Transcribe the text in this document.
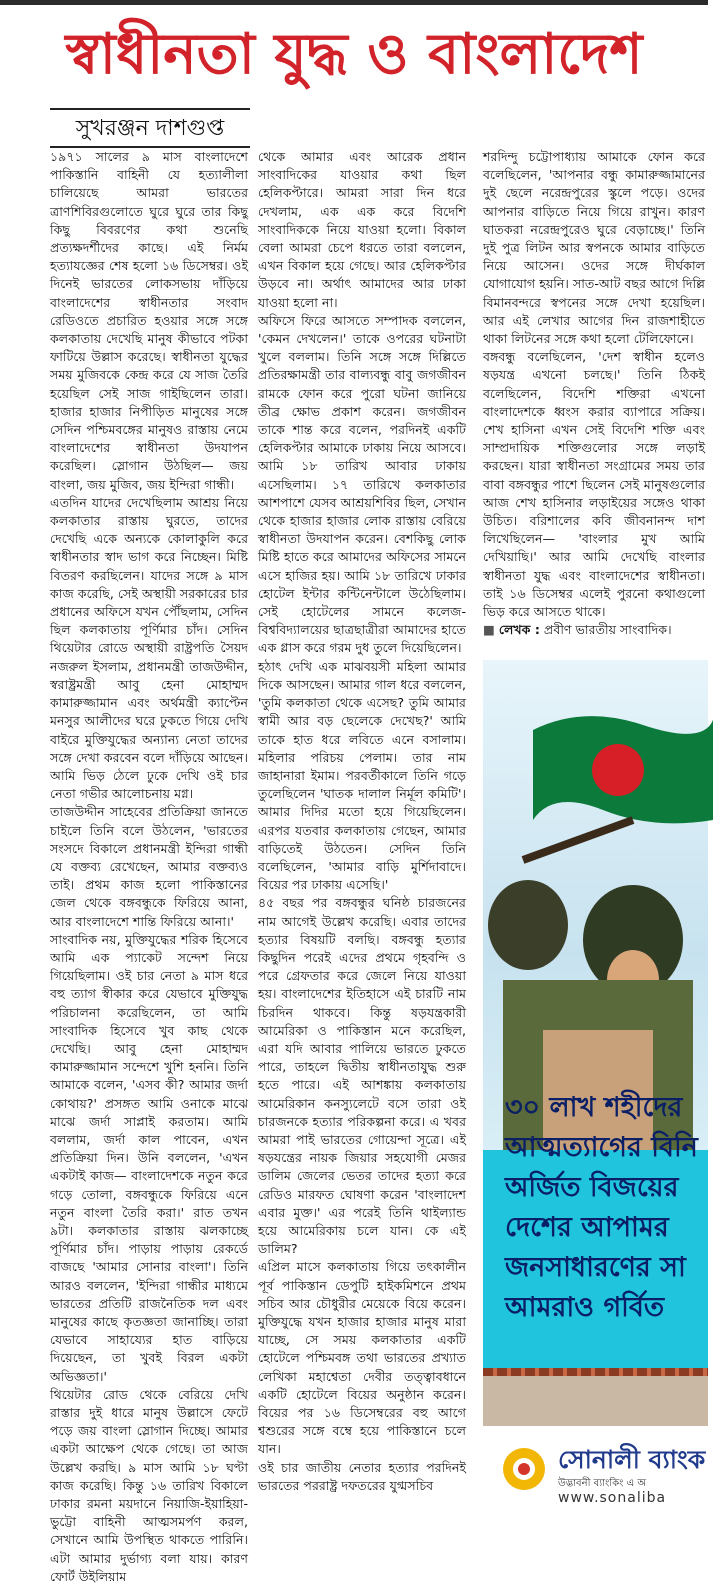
স্বাধীনতা যুদ্ধ ও বাংলাদেশ
সুখরঞ্জন দাশগুপ্ত

১৯৭১ সালের ৯ মাস বাংলাদেশে পাকিস্তানি বাহিনী যে হত্যালীলা চালিয়েছে আমরা ভারতের ত্রাণশিবিরগুলোতে ঘুরে ঘুরে তার কিছু কিছু বিবরণের কথা শুনেছি প্রত্যক্ষদর্শীদের কাছে। এই নির্মম হত্যাযজ্ঞের শেষ হলো ১৬ ডিসেম্বর। ওই দিনেই ভারতের লোকসভায় দাঁড়িয়ে বাংলাদেশের স্বাধীনতার সংবাদ রেডিওতে প্রচারিত হওয়ার সঙ্গে সঙ্গে কলকাতায় দেখেছি মানুষ কীভাবে পটকা ফাটিয়ে উল্লাস করেছে। স্বাধীনতা যুদ্ধের সময় মুজিবকে কেন্দ্র করে যে সাজ তৈরি হয়েছিল সেই সাজ গাইছিলেন তারা। হাজার হাজার নিপীড়িত মানুষের সঙ্গে সেদিন পশ্চিমবঙ্গের মানুষও রাস্তায় নেমে বাংলাদেশের স্বাধীনতা উদযাপন করেছিল। স্লোগান উঠছিল— জয় বাংলা, জয় মুজিব, জয় ইন্দিরা গান্ধী।

এতদিন যাদের দেখেছিলাম আশ্রয় নিয়ে কলকাতার রাস্তায় ঘুরতে, তাদের দেখেছি একে অন্যকে কোলাকুলি করে স্বাধীনতার স্বাদ ভাগ করে নিচ্ছেন। মিষ্টি বিতরণ করছিলেন। যাদের সঙ্গে ৯ মাস কাজ করেছি, সেই অস্থায়ী সরকারের চার প্রধানের অফিসে যখন পৌঁছলাম, সেদিন ছিল কলকাতায় পূর্ণিমার চাঁদ। সেদিন থিয়েটার রোডে অস্থায়ী রাষ্ট্রপতি সৈয়দ নজরুল ইসলাম, প্রধানমন্ত্রী তাজউদ্দীন, স্বরাষ্ট্রমন্ত্রী আবু হেনা মোহাম্মদ কামারুজ্জামান এবং অর্থমন্ত্রী ক্যাপ্টেন মনসুর আলীদের ঘরে ঢুকতে গিয়ে দেখি বাইরে মুক্তিযুদ্ধের অন্যান্য নেতা তাদের সঙ্গে দেখা করবেন বলে দাঁড়িয়ে আছেন। আমি ভিড় ঠেলে ঢুকে দেখি ওই চার নেতা গভীর আলোচনায় মগ্ন।

তাজউদ্দীন সাহেবের প্রতিক্রিয়া জানতে চাইলে তিনি বলে উঠলেন, 'ভারতের সংসদে বিকালে প্রধানমন্ত্রী ইন্দিরা গান্ধী যে বক্তব্য রেখেছেন, আমার বক্তব্যও তাই। প্রথম কাজ হলো পাকিস্তানের জেল থেকে বঙ্গবন্ধুকে ফিরিয়ে আনা, আর বাংলাদেশে শান্তি ফিরিয়ে আনা।'

সাংবাদিক নয়, মুক্তিযুদ্ধের শরিক হিসেবে আমি এক প্যাকেট সন্দেশ নিয়ে গিয়েছিলাম। ওই চার নেতা ৯ মাস ধরে বহু ত্যাগ স্বীকার করে যেভাবে মুক্তিযুদ্ধ পরিচালনা করেছিলেন, তা আমি সাংবাদিক হিসেবে খুব কাছ থেকে দেখেছি। আবু হেনা মোহাম্মদ কামারুজ্জামান সন্দেশে খুশি হননি। তিনি আমাকে বলেন, 'এসব কী? আমার জর্দা কোথায়?' প্রসঙ্গত আমি ওনাকে মাঝে মাঝে জর্দা সাপ্লাই করতাম। আমি বললাম, জর্দা কাল পাবেন, এখন প্রতিক্রিয়া দিন। উনি বললেন, 'এখন একটাই কাজ— বাংলাদেশকে নতুন করে গড়ে তোলা, বঙ্গবন্ধুকে ফিরিয়ে এনে নতুন বাংলা তৈরি করা।' রাত তখন ৯টা। কলকাতার রাস্তায় ঝলকাচ্ছে পূর্ণিমার চাঁদ। পাড়ায় পাড়ায় রেকর্ডে বাজছে 'আমার সোনার বাংলা'। তিনি আরও বললেন, 'ইন্দিরা গান্ধীর মাধ্যমে ভারতের প্রতিটি রাজনৈতিক দল এবং মানুষের কাছে কৃতজ্ঞতা জানাচ্ছি। তারা যেভাবে সাহায্যের হাত বাড়িয়ে দিয়েছেন, তা খুবই বিরল একটা অভিজ্ঞতা।'

থিয়েটার রোড থেকে বেরিয়ে দেখি রাস্তার দুই ধারে মানুষ উল্লাসে ফেটে পড়ে জয় বাংলা স্লোগান দিচ্ছে। আমার একটা আক্ষেপ থেকে গেছে। তা আজ উল্লেখ করছি। ৯ মাস আমি ১৮ ঘণ্টা কাজ করেছি। কিন্তু ১৬ তারিখ বিকালে ঢাকার রমনা ময়দানে নিয়াজি-ইয়াহিয়া-ভুট্টো বাহিনী আত্মসমর্পণ করল, সেখানে আমি উপস্থিত থাকতে পারিনি। এটা আমার দুর্ভাগ্য বলা যায়। কারণ ফোর্ট উইলিয়াম

থেকে আমার এবং আরেক প্রধান সাংবাদিকের যাওয়ার কথা ছিল হেলিকপ্টারে। আমরা সারা দিন ধরে দেখলাম, এক এক করে বিদেশি সাংবাদিককে নিয়ে যাওয়া হলো। বিকাল বেলা আমরা চেপে ধরতে তারা বললেন, এখন বিকাল হয়ে গেছে। আর হেলিকপ্টার উড়বে না। অর্থাৎ আমাদের আর ঢাকা যাওয়া হলো না।

অফিসে ফিরে আসতে সম্পাদক বললেন, 'কেমন দেখলেন।' তাকে ওপরের ঘটনাটা খুলে বললাম। তিনি সঙ্গে সঙ্গে দিল্লিতে প্রতিরক্ষামন্ত্রী তার বাল্যবন্ধু বাবু জগজীবন রামকে ফোন করে পুরো ঘটনা জানিয়ে তীব্র ক্ষোভ প্রকাশ করেন। জগজীবন তাকে শান্ত করে বলেন, পরদিনই একটি হেলিকপ্টার আমাকে ঢাকায় নিয়ে আসবে। আমি ১৮ তারিখ আবার ঢাকায় এসেছিলাম। ১৭ তারিখে কলকাতার আশপাশে যেসব আশ্রয়শিবির ছিল, সেখান থেকে হাজার হাজার লোক রাস্তায় বেরিয়ে স্বাধীনতা উদযাপন করেন। বেশকিছু লোক মিষ্টি হাতে করে আমাদের অফিসের সামনে এসে হাজির হয়। আমি ১৮ তারিখে ঢাকার হোটেল ইন্টার কন্টিনেন্টালে উঠেছিলাম। সেই হোটেলের সামনে কলেজ-বিশ্ববিদ্যালয়ের ছাত্রছাত্রীরা আমাদের হাতে এক গ্লাস করে গরম দুধ তুলে দিয়েছিলেন।

হঠাৎ দেখি এক মাঝবয়সী মহিলা আমার দিকে আসছেন। আমার গাল ধরে বললেন, 'তুমি কলকাতা থেকে এসেছ? তুমি আমার স্বামী আর বড় ছেলেকে দেখেছ?' আমি তাকে হাত ধরে লবিতে এনে বসালাম। মহিলার পরিচয় পেলাম। তার নাম জাহানারা ইমাম। পরবর্তীকালে তিনি গড়ে তুলেছিলেন 'ঘাতক দালাল নির্মূল কমিটি'। আমার দিদির মতো হয়ে গিয়েছিলেন। এরপর যতবার কলকাতায় গেছেন, আমার বাড়িতেই উঠতেন। সেদিন তিনি বলেছিলেন, 'আমার বাড়ি মুর্শিদাবাদে। বিয়ের পর ঢাকায় এসেছি।'

৪৫ বছর পর বঙ্গবন্ধুর ঘনিষ্ঠ চারজনের নাম আগেই উল্লেখ করেছি। এবার তাদের হত্যার বিষয়টি বলছি। বঙ্গবন্ধু হত্যার কিছুদিন পরেই এদের প্রথমে গৃহবন্দি ও পরে গ্রেফতার করে জেলে নিয়ে যাওয়া হয়। বাংলাদেশের ইতিহাসে এই চারটি নাম চিরদিন থাকবে। কিন্তু ষড়যন্ত্রকারী আমেরিকা ও পাকিস্তান মনে করেছিল, এরা যদি আবার পালিয়ে ভারতে ঢুকতে পারে, তাহলে দ্বিতীয় স্বাধীনতাযুদ্ধ শুরু হতে পারে। এই আশঙ্কায় কলকাতায় আমেরিকান কনস্যুলেটে বসে তারা ওই চারজনকে হত্যার পরিকল্পনা করে। এ খবর আমরা পাই ভারতের গোয়েন্দা সূত্রে। এই ষড়যন্ত্রের নায়ক জিয়ার সহযোগী মেজর ডালিম জেলের ভেতর তাদের হত্যা করে রেডিও মারফত ঘোষণা করেন 'বাংলাদেশ এবার মুক্ত।' এর পরেই তিনি থাইল্যান্ড হয়ে আমেরিকায় চলে যান। কে এই ডালিম?

এপ্রিল মাসে কলকাতায় গিয়ে তৎকালীন পূর্ব পাকিস্তান ডেপুটি হাইকমিশনে প্রথম সচিব আর চৌধুরীর মেয়েকে বিয়ে করেন। মুক্তিযুদ্ধে যখন হাজার হাজার মানুষ মারা যাচ্ছে, সে সময় কলকাতার একটি হোটেলে পশ্চিমবঙ্গ তথা ভারতের প্রখ্যাত লেখিকা মহাশ্বেতা দেবীর তত্ত্বাবধানে একটি হোটেলে বিয়ের অনুষ্ঠান করেন। বিয়ের পর ১৬ ডিসেম্বরের বহু আগে শ্বশুরের সঙ্গে বম্বে হয়ে পাকিস্তানে চলে যান।

ওই চার জাতীয় নেতার হত্যার পরদিনই ভারতের পররাষ্ট্র দফতরের যুগ্মসচিব

শরদিন্দু চট্টোপাধ্যায় আমাকে ফোন করে বলেছিলেন, 'আপনার বন্ধু কামারুজ্জামানের দুই ছেলে নরেন্দ্রপুরের স্কুলে পড়ে। ওদের আপনার বাড়িতে নিয়ে গিয়ে রাখুন। কারণ ঘাতকরা নরেন্দ্রপুরেও ঘুরে বেড়াচ্ছে।' তিনি দুই পুত্র লিটন আর স্বপনকে আমার বাড়িতে নিয়ে আসেন। ওদের সঙ্গে দীর্ঘকাল যোগাযোগ হয়নি। সাত-আট বছর আগে দিল্লি বিমানবন্দরে স্বপনের সঙ্গে দেখা হয়েছিল। আর এই লেখার আগের দিন রাজশাহীতে থাকা লিটনের সঙ্গে কথা হলো টেলিফোনে।

বঙ্গবন্ধু বলেছিলেন, 'দেশ স্বাধীন হলেও ষড়যন্ত্র এখনো চলছে।' তিনি ঠিকই বলেছিলেন, বিদেশি শক্তিরা এখনো বাংলাদেশকে ধ্বংস করার ব্যাপারে সক্রিয়। শেখ হাসিনা এখন সেই বিদেশি শক্তি এবং সাম্প্রদায়িক শক্তিগুলোর সঙ্গে লড়াই করছেন। যারা স্বাধীনতা সংগ্রামের সময় তার বাবা বঙ্গবন্ধুর পাশে ছিলেন সেই মানুষগুলোর আজ শেখ হাসিনার লড়াইয়ের সঙ্গেও থাকা উচিত। বরিশালের কবি জীবনানন্দ দাশ লিখেছিলেন— 'বাংলার মুখ আমি দেখিয়াছি।' আর আমি দেখেছি বাংলার স্বাধীনতা যুদ্ধ এবং বাংলাদেশের স্বাধীনতা। তাই ১৬ ডিসেম্বর এলেই পুরনো কথাগুলো ভিড় করে আসতে থাকে।

■ লেখক : প্রবীণ ভারতীয় সাংবাদিক।

৩০ লাখ শহীদের
আত্মত্যাগের বিনি
অর্জিত বিজয়ের
দেশের আপামর
জনসাধারণের সা
আমরাও গর্বিত
সোনালী ব্যাংক
উদ্ভাবনী ব্যাংকিং এ অ
www.sonaliba
